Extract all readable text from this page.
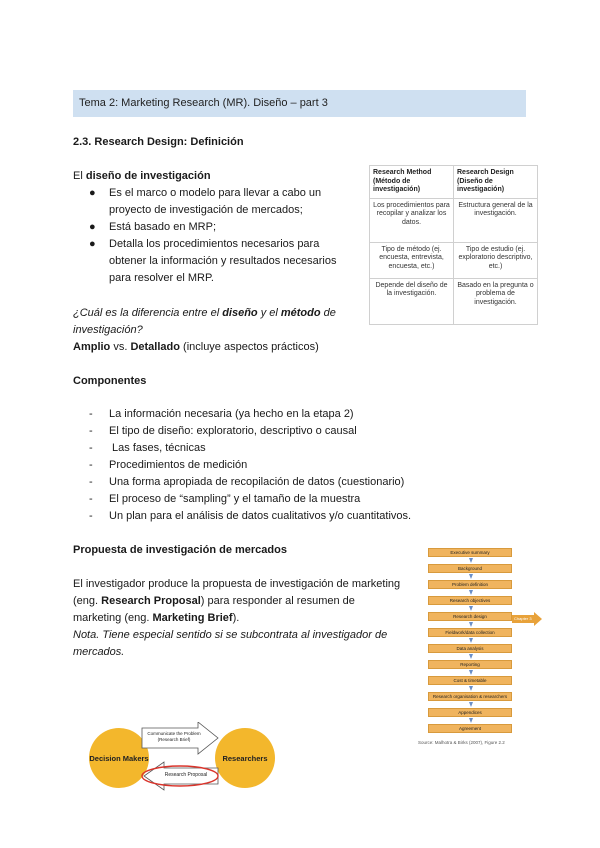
Tema 2: Marketing Research (MR). Diseño – part 3
2.3. Research Design: Definición
El diseño de investigación
● Es el marco o modelo para llevar a cabo un proyecto de investigación de mercados;
● Está basado en MRP;
● Detalla los procedimientos necesarios para obtener la información y resultados necesarios para resolver el MRP.
Research Method (Método de investigación)	Research Design (Diseño de investigación)
Los procedimientos para recopilar y analizar los datos.	Estructura general de la investigación.
Tipo de método (ej. encuesta, entrevista, encuesta, etc.)	Tipo de estudio (ej. exploratorio descriptivo, etc.)
Depende del diseño de la investigación.	Basado en la pregunta o problema de investigación.
¿Cuál es la diferencia entre el diseño y el método de investigación?
Amplio vs. Detallado (incluye aspectos prácticos)
Componentes
- La información necesaria (ya hecho en la etapa 2)
- El tipo de diseño: exploratorio, descriptivo o causal
- Las fases, técnicas
- Procedimientos de medición
- Una forma apropiada de recopilación de datos (cuestionario)
- El proceso de “sampling” y el tamaño de la muestra
- Un plan para el análisis de datos cualitativos y/o cuantitativos.
Propuesta de investigación de mercados
El investigador produce la propuesta de investigación de marketing (eng. Research Proposal) para responder al resumen de marketing (eng. Marketing Brief).
Nota. Tiene especial sentido si se subcontrata al investigador de mercados.
Executive summary
Background
Problem definition
Research objectives
Research design
Fieldwork/data collection
Data analysis
Reporting
Cost & timetable
Research organisation & researchers
Appendices
Agreement
Chapter 3
Source: Malhotra & Birks (2007), Figure 2.2
Decision Makers	Researchers
Communicate the Problem (Research Brief)
Research Proposal
